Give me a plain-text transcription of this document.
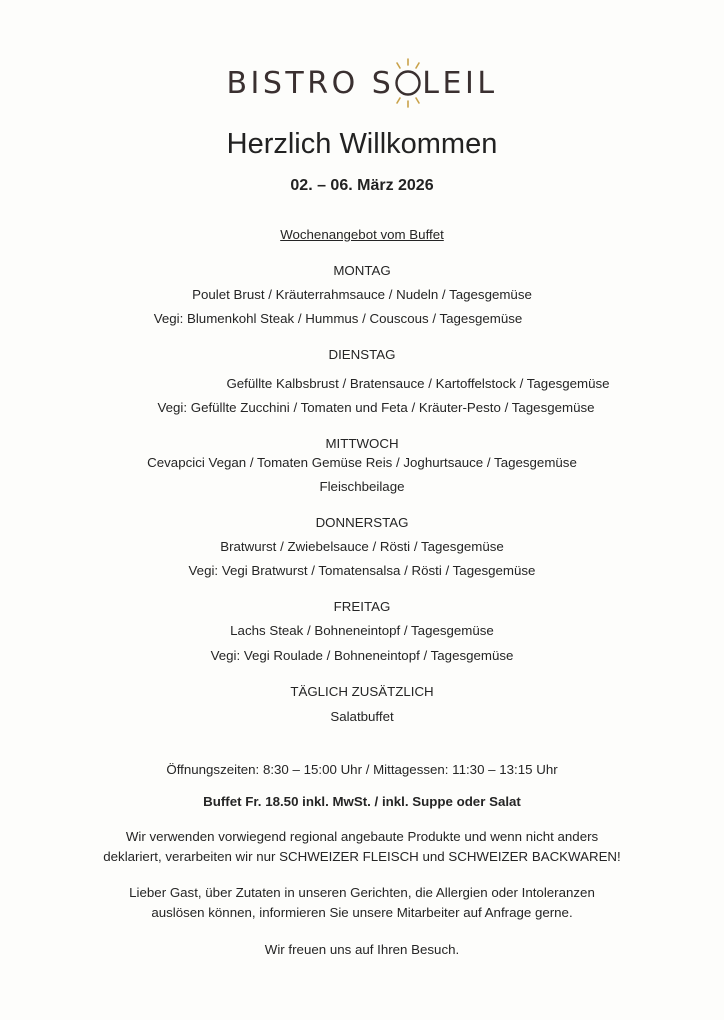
BISTRO S LEIL
Herzlich Willkommen
02. – 06. März 2026
Wochenangebot vom Buffet
MONTAG
Poulet Brust / Kräuterrahmsauce / Nudeln / Tagesgemüse
Vegi: Blumenkohl Steak / Hummus / Couscous / Tagesgemüse
DIENSTAG
Gefüllte Kalbsbrust / Bratensauce / Kartoffelstock / Tagesgemüse
Vegi: Gefüllte Zucchini / Tomaten und Feta / Kräuter-Pesto / Tagesgemüse
MITTWOCH
Cevapcici Vegan / Tomaten Gemüse Reis / Joghurtsauce / Tagesgemüse
Fleischbeilage
DONNERSTAG
Bratwurst / Zwiebelsauce / Rösti / Tagesgemüse
Vegi: Vegi Bratwurst / Tomatensalsa / Rösti / Tagesgemüse
FREITAG
Lachs Steak / Bohneneintopf / Tagesgemüse
Vegi: Vegi Roulade / Bohneneintopf / Tagesgemüse
TÄGLICH ZUSÄTZLICH
Salatbuffet
Öffnungszeiten: 8:30 – 15:00 Uhr / Mittagessen: 11:30 – 13:15 Uhr
Buffet Fr. 18.50 inkl. MwSt. / inkl. Suppe oder Salat
Wir verwenden vorwiegend regional angebaute Produkte und wenn nicht anders
deklariert, verarbeiten wir nur SCHWEIZER FLEISCH und SCHWEIZER BACKWAREN!
Lieber Gast, über Zutaten in unseren Gerichten, die Allergien oder Intoleranzen
auslösen können, informieren Sie unsere Mitarbeiter auf Anfrage gerne.
Wir freuen uns auf Ihren Besuch.
